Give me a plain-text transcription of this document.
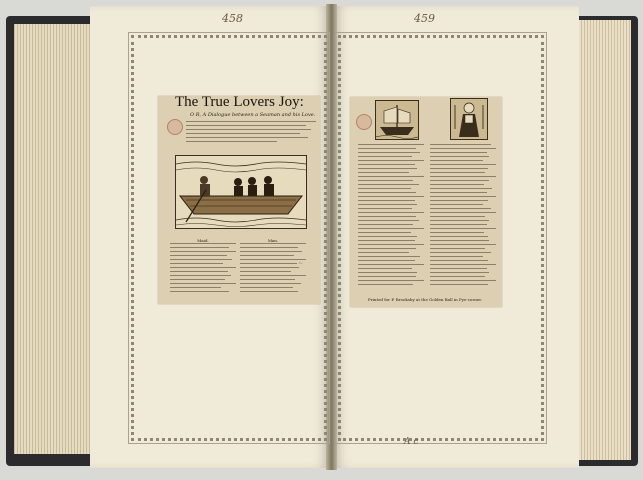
458	459
A c
The True Lovers Joy:
O R, A Dialogue between a Seaman and his Love.
Maid.	Man.
~
Printed for P. Brooksby at the Golden Ball in Pye-corner.
